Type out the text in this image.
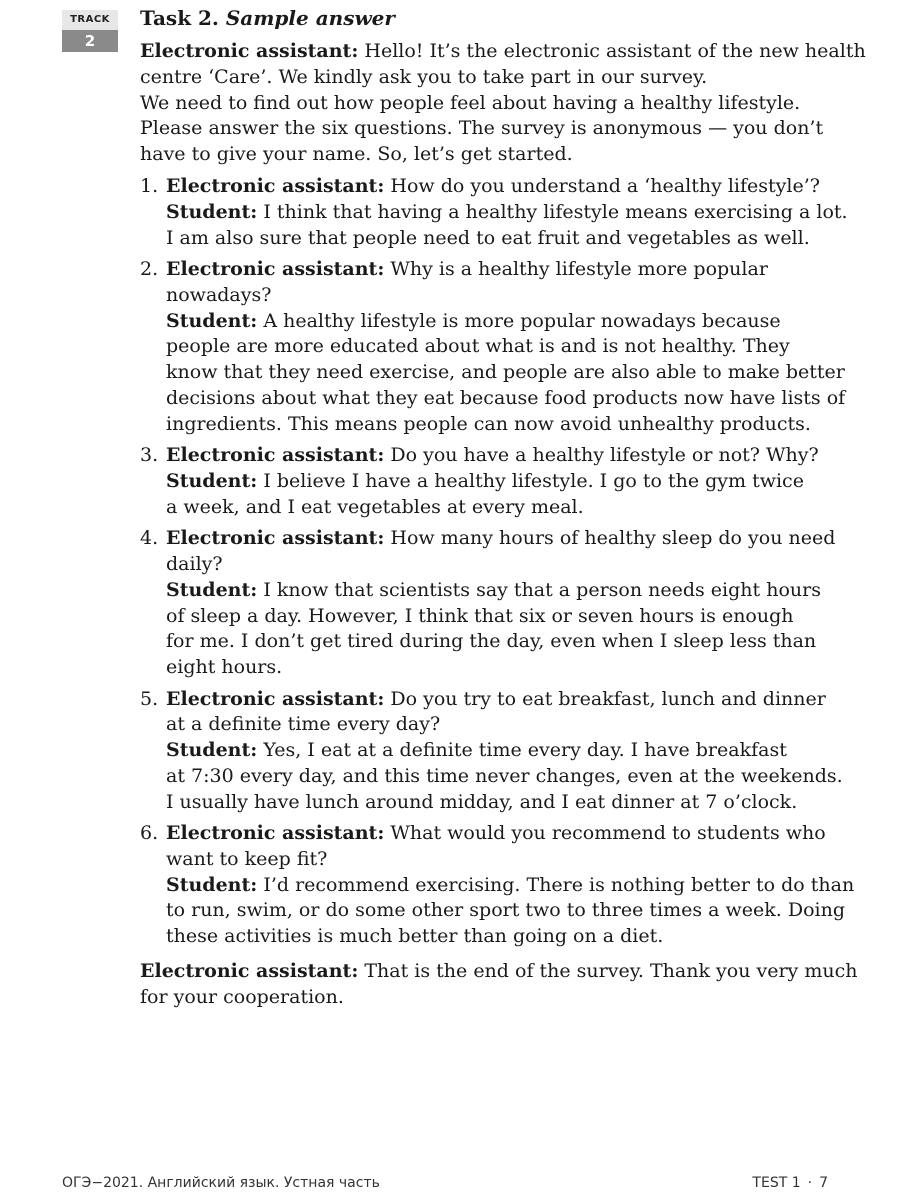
TRACK
2
Task 2. Sample answer

Electronic assistant: Hello! It’s the electronic assistant of the new health
centre ‘Care’. We kindly ask you to take part in our survey.
We need to find out how people feel about having a healthy lifestyle.
Please answer the six questions. The survey is anonymous — you don’t
have to give your name. So, let’s get started.

1. Electronic assistant: How do you understand a ‘healthy lifestyle’?
Student: I think that having a healthy lifestyle means exercising a lot.
I am also sure that people need to eat fruit and vegetables as well.
2. Electronic assistant: Why is a healthy lifestyle more popular
nowadays?
Student: A healthy lifestyle is more popular nowadays because
people are more educated about what is and is not healthy. They
know that they need exercise, and people are also able to make better
decisions about what they eat because food products now have lists of
ingredients. This means people can now avoid unhealthy products.
3. Electronic assistant: Do you have a healthy lifestyle or not? Why?
Student: I believe I have a healthy lifestyle. I go to the gym twice
a week, and I eat vegetables at every meal.
4. Electronic assistant: How many hours of healthy sleep do you need
daily?
Student: I know that scientists say that a person needs eight hours
of sleep a day. However, I think that six or seven hours is enough
for me. I don’t get tired during the day, even when I sleep less than
eight hours.
5. Electronic assistant: Do you try to eat breakfast, lunch and dinner
at a definite time every day?
Student: Yes, I eat at a definite time every day. I have breakfast
at 7:30 every day, and this time never changes, even at the weekends.
I usually have lunch around midday, and I eat dinner at 7 o’clock.
6. Electronic assistant: What would you recommend to students who
want to keep fit?
Student: I’d recommend exercising. There is nothing better to do than
to run, swim, or do some other sport two to three times a week. Doing
these activities is much better than going on a diet.

Electronic assistant: That is the end of the survey. Thank you very much
for your cooperation.

ОГЭ−2021. Английский язык. Устная часть	TEST 1 · 7
